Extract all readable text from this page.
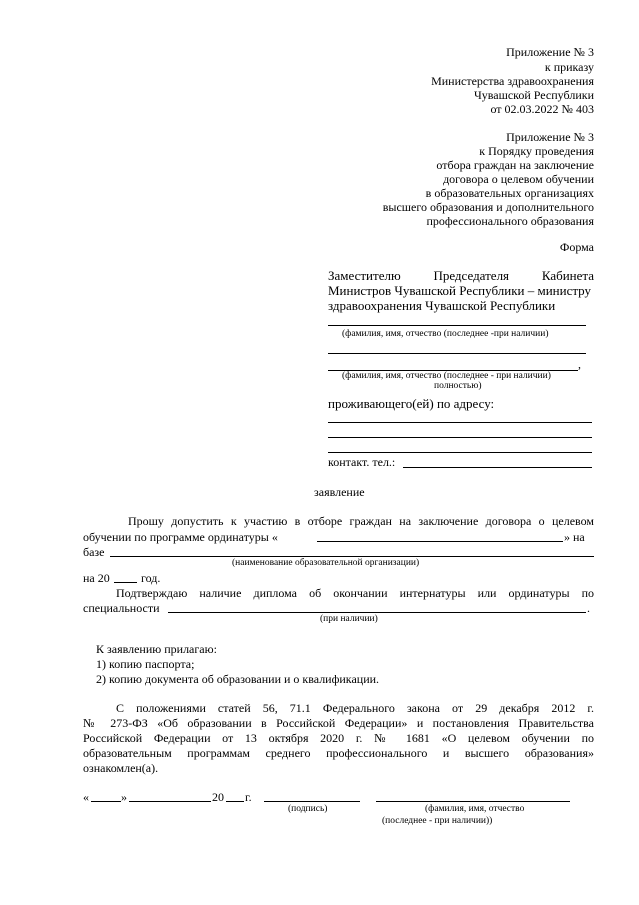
Приложение № 3
к приказу
Министерства здравоохранения
Чувашской Республики
от 02.03.2022 № 403
Приложение № 3
к Порядку проведения
отбора граждан на заключение
договора о целевом обучении
в образовательных организациях
высшего образования и дополнительного
профессионального образования
Форма
Заместителю Председателя Кабинета
Министров Чувашской Республики – министру
здравоохранения Чувашской Республики
(фамилия, имя, отчество (последнее -при наличии)
,
(фамилия, имя, отчество (последнее - при наличии)
полностью)
проживающего(ей) по адресу:
контакт. тел.:
заявление
Прошу допустить к участию в отборе граждан на заключение договора о целевом
обучении по программе ординатуры «	» на
базе
(наименование образовательной организации)
на 20	год.
Подтверждаю наличие диплома об окончании интернатуры или ординатуры по
специальности	.
(при наличии)
К заявлению прилагаю:
1) копию паспорта;
2) копию документа об образовании и о квалификации.
С положениями статей 56, 71.1 Федерального закона от 29 декабря 2012 г.
№ 273-ФЗ «Об образовании в Российской Федерации» и постановления Правительства
Российской Федерации от 13 октября 2020 г. № 1681 «О целевом обучении по
образовательным программам среднего профессионального и высшего образования»
ознакомлен(а).
«	»	20 г.
(подпись)	(фамилия, имя, отчество
(последнее - при наличии))
